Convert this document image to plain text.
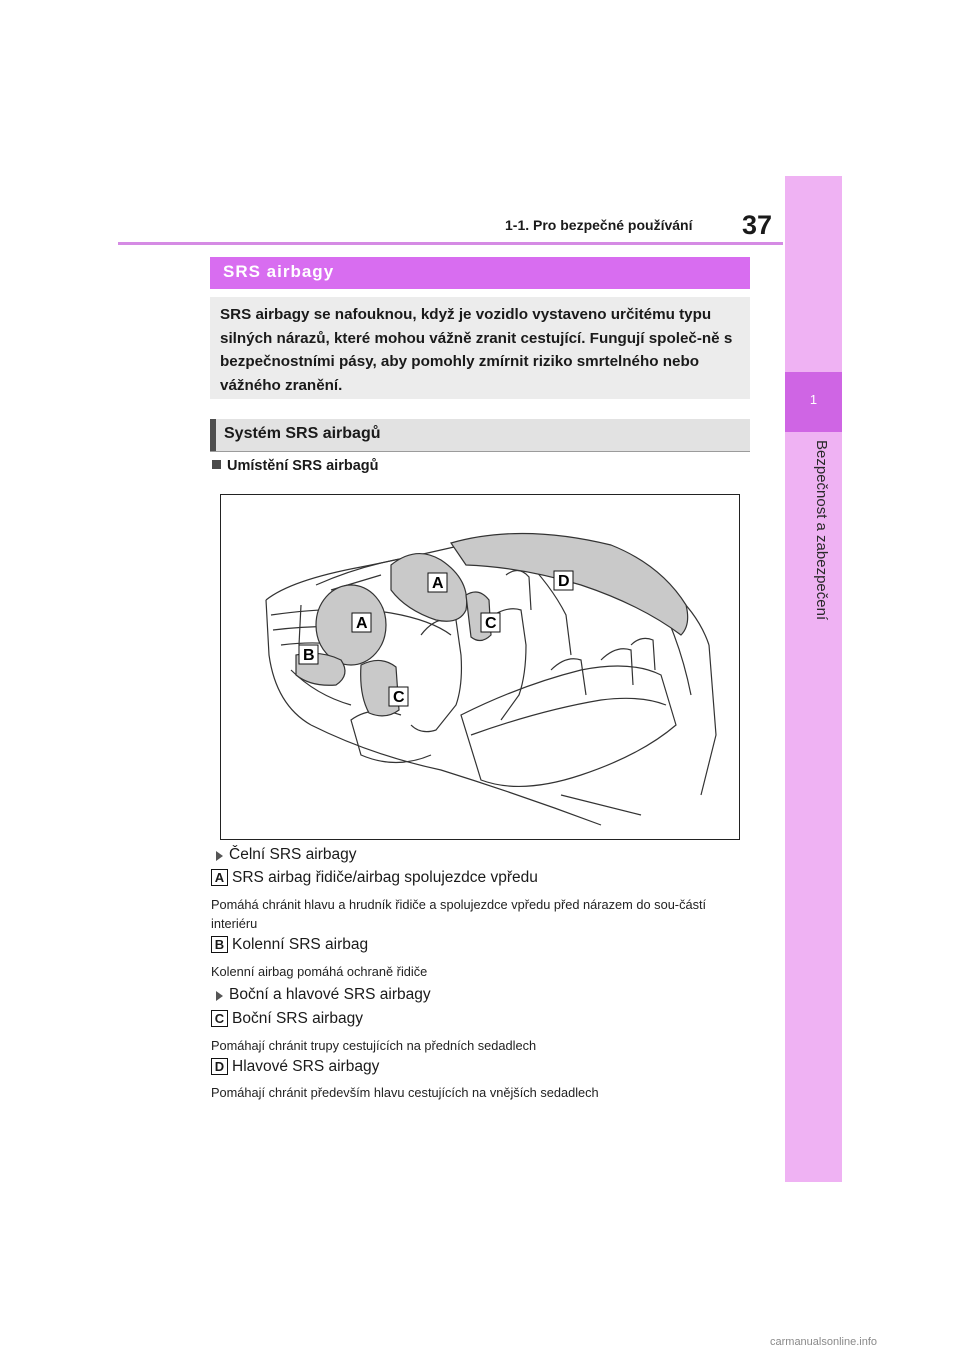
1-1. Pro bezpečné používání 37
1
Bezpečnost a zabezpečení
SRS airbagy

SRS airbagy se nafouknou, když je vozidlo vystaveno určitému typu silných nárazů, které mohou vážně zranit cestující. Fungují společ-ně s bezpečnostními pásy, aby pomohly zmírnit riziko smrtelného nebo vážného zranění.

Systém SRS airbagů
Umístění SRS airbagů
A
A
B
C
C
D
Čelní SRS airbagy
A SRS airbag řidiče/airbag spolujezdce vpředu
Pomáhá chránit hlavu a hrudník řidiče a spolujezdce vpředu před nárazem do sou-částí interiéru
B Kolenní SRS airbag
Kolenní airbag pomáhá ochraně řidiče
Boční a hlavové SRS airbagy
C Boční SRS airbagy
Pomáhají chránit trupy cestujících na předních sedadlech
D Hlavové SRS airbagy
Pomáhají chránit především hlavu cestujících na vnějších sedadlech
carmanualsonline.info
